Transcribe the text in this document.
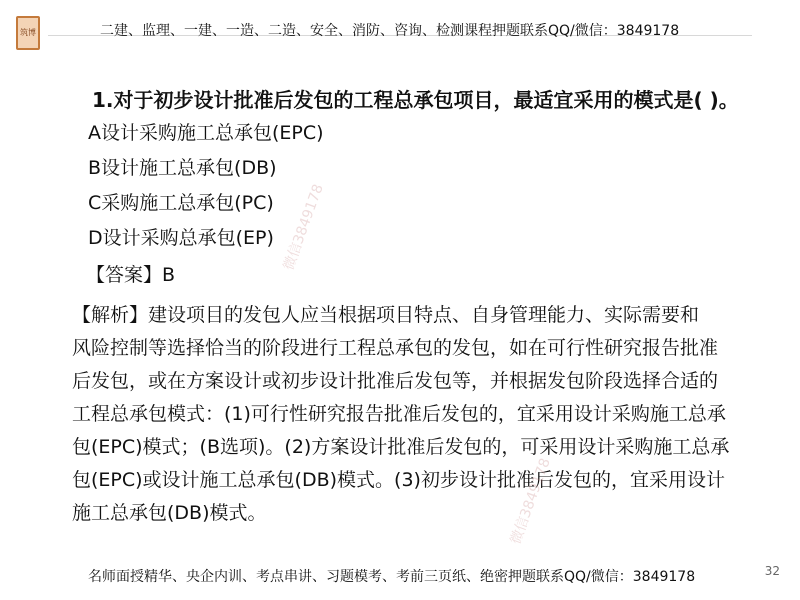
筑博	二建、监理、一建、一造、二造、安全、消防、咨询、检测课程押题联系QQ/微信：3849178
1.对于初步设计批准后发包的工程总承包项目，最适宜采用的模式是( )。
A设计采购施工总承包(EPC)
B设计施工总承包(DB)
C采购施工总承包(PC)
D设计采购总承包(EP)
【答案】B
【解析】建设项目的发包人应当根据项目特点、自身管理能力、实际需要和
风险控制等选择恰当的阶段进行工程总承包的发包，如在可行性研究报告批准
后发包，或在方案设计或初步设计批准后发包等，并根据发包阶段选择合适的
工程总承包模式：(1)可行性研究报告批准后发包的，宜采用设计采购施工总承
包(EPC)模式；(B选项)。(2)方案设计批准后发包的，可采用设计采购施工总承
包(EPC)或设计施工总承包(DB)模式。(3)初步设计批准后发包的，宜采用设计
施工总承包(DB)模式。
微信3849178
微信3849178
名师面授精华、央企内训、考点串讲、习题模考、考前三页纸、绝密押题联系QQ/微信：3849178	32
